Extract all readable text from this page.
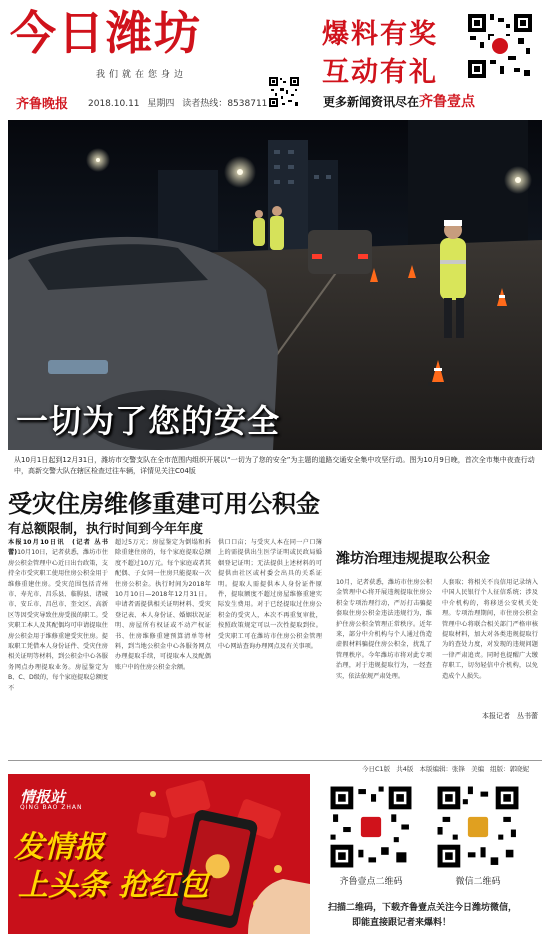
今日潍坊
我们就在您身边
齐鲁晚报 2018.10.11 星期四 读者热线：8538711
爆料有奖
互动有礼
更多新闻资讯尽在齐鲁壹点
一切为了您的安全
从10月1日起到12月31日，潍坊市交警支队在全市范围内组织开展以“一切为了您的安全”为主题的道路交通安全集中攻坚行动。图为10月9日晚，首次全市集中夜查行动中，高新交警大队在辖区检查过往车辆，详情见关注C04版
受灾住房维修重建可用公积金
有总额限制，执行时间到今年年度
本报10月10日讯　(记者 丛书蕾)10月10日，记者获悉，潍坊市住房公积金管理中心近日出台政策，支持全市受灾职工使用住房公积金用于维修重建住房。受灾范围包括青州市、寿光市、昌乐县、临朐县、诸城市、安丘市、昌邑市、奎文区、高新区等因受灾导致住房受损的职工。受灾职工本人及其配偶均可申请提取住房公积金用于维修重建受灾住房。提取职工凭借本人身份证件、受灾住房相关证明等材料，到公积金中心各服务网点办理提取业务。房屋鉴定为B、C、D级的，每个家庭提取总额度不
超过5万元；房屋鉴定为倒塌和拆除重建住房的，每个家庭提取总额度不超过10万元。每个家庭或者其配偶、子女同一住房只能提取一次住房公积金。执行时间为2018年10月10日—2018年12月31日。申请者需提供相关证明材料、受灾登记表、本人身份证、婚姻状况证明、房屋所有权证或不动产权证书、住房维修重建预算清单等材料，到当地公积金中心各服务网点办理提取手续，可提取本人及配偶账户中的住房公积金余额。
供口口亩；与受灾人本在同一户口簿上的需提供出生医学证明或民政局婚姻登记证明；无法提供上述材料的可提供由社区或村委会出具的关系证明。提取人需提供本人身份证件原件，提取额度不超过房屋维修重建实际发生费用。对于已经提取过住房公积金的受灾人，本次不再重复审批，按照政策规定可以一次性提取到位。受灾职工可在潍坊市住房公积金管理中心网站查询办理网点及有关事项。
潍坊治理违规提取公积金
10月，记者获悉，潍坊市住房公积金管理中心将开展违规提取住房公积金专项治理行动，严厉打击骗提套取住房公积金违法违规行为，维护住房公积金管理正常秩序。近年来，部分中介机构与个人通过伪造虚假材料骗提住房公积金，扰乱了管理秩序。今年潍坊市将对此专项治理，对于违规提取行为，一经查实，依法依规严肃处理。
人套取；将相关不良信用记录纳入中国人民银行个人征信系统；涉及中介机构的，将移送公安机关处理。专项治理期间，市住房公积金管理中心将联合相关部门严格审核提取材料，加大对各类违规提取行为的查处力度，对发现的违规问题一律严肃追责。同时也提醒广大缴存职工，切勿轻信中介机构，以免造成个人损失。
本报记者　丛书蕾
今日C1版 共4版 本版编辑：张锋 美编 组版：郭晓妮
情报站
QING BAO ZHAN
发情报
上头条 抢红包	齐鲁壹点二维码	微信二维码
扫描二维码，下载齐鲁壹点关注今日潍坊微信，
即能直接跟记者来爆料！
